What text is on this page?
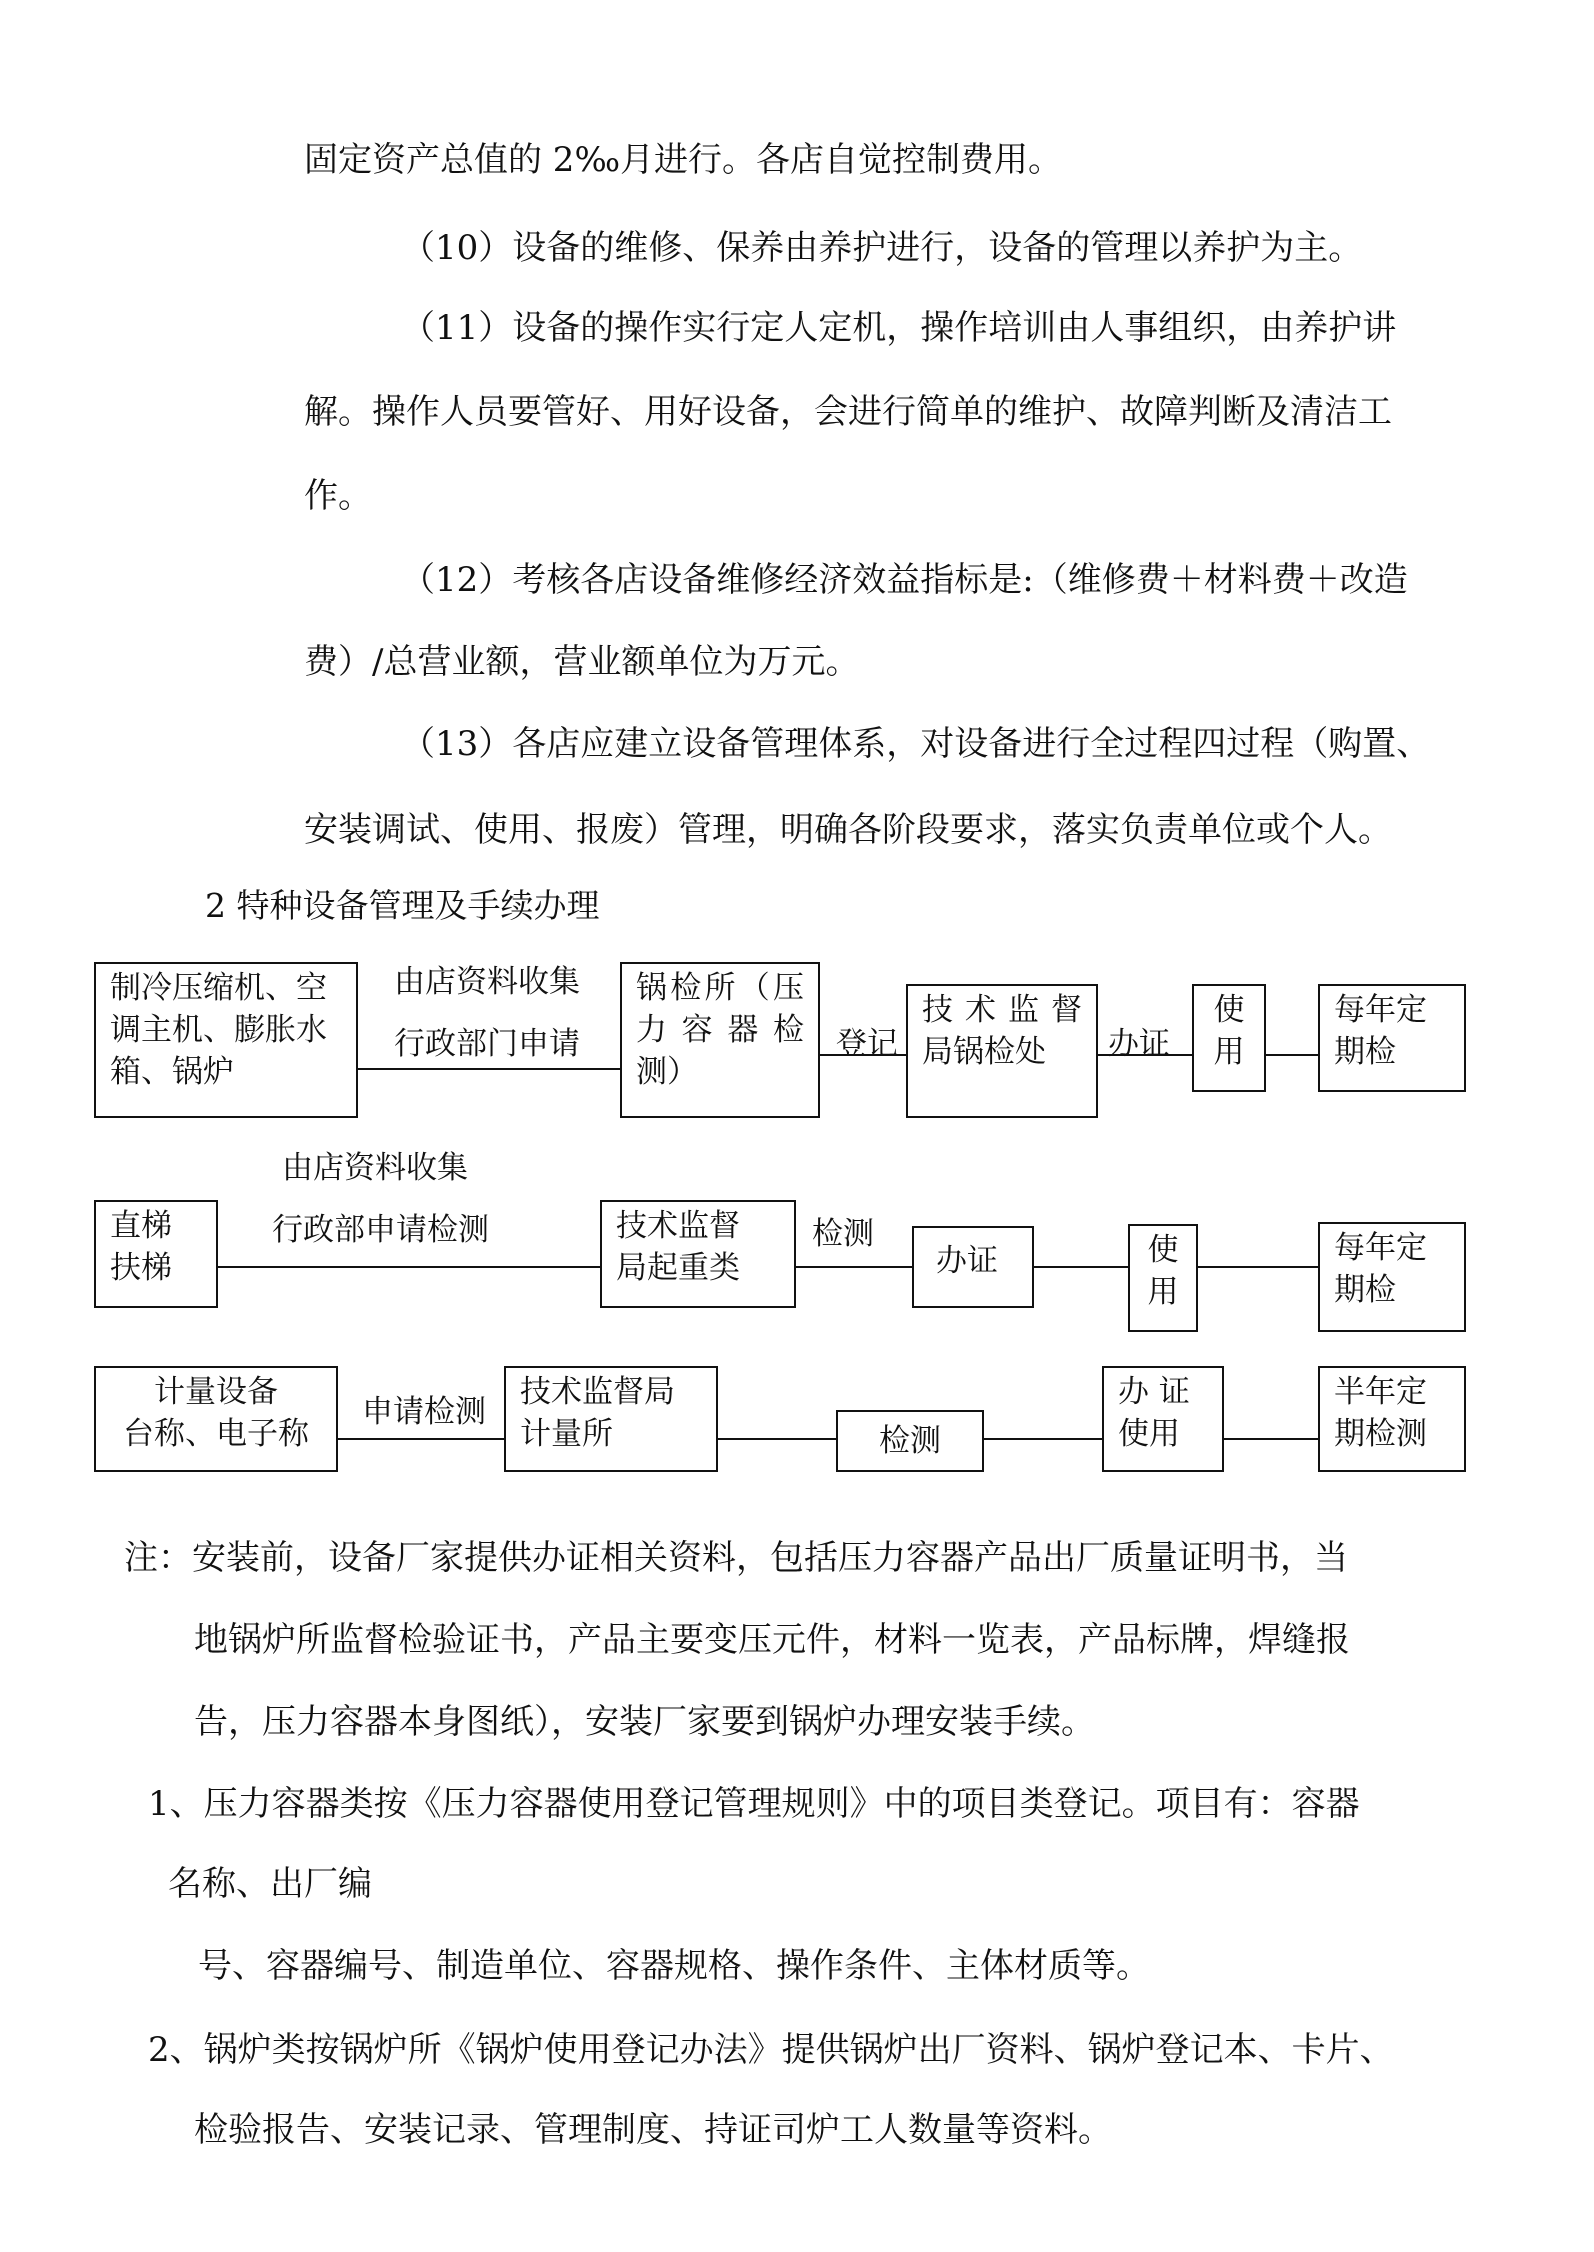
固定资产总值的 2‰月进行。各店自觉控制费用。
（10）设备的维修、保养由养护进行，设备的管理以养护为主。
（11）设备的操作实行定人定机，操作培训由人事组织，由养护讲
解。操作人员要管好、用好设备，会进行简单的维护、故障判断及清洁工
作。
（12）考核各店设备维修经济效益指标是:（维修费＋材料费＋改造
费）/总营业额，营业额单位为万元。
（13）各店应建立设备管理体系，对设备进行全过程四过程（购置、
安装调试、使用、报废）管理，明确各阶段要求，落实负责单位或个人。
2 特种设备管理及手续办理
制冷压缩机、空
调主机、膨胀水
箱、锅炉
由店资料收集
行政部门申请
锅检所（压
力 容 器 检
测）
登记
技 术 监 督
局锅检处	办证
使
用
每年定
期检
由店资料收集
行政部申请检测
直梯
扶梯
技术监督
局起重类
检测
办证	使
用
每年定
期检
计量设备
台称、电子称
申请检测
技术监督局
计量所	检测
办 证
使用
半年定
期检测
注：安装前，设备厂家提供办证相关资料，包括压力容器产品出厂质量证明书，当
地锅炉所监督检验证书，产品主要变压元件，材料一览表，产品标牌，焊缝报
告，压力容器本身图纸），安装厂家要到锅炉办理安装手续。
1、压力容器类按《压力容器使用登记管理规则》中的项目类登记。项目有：容器
名称、出厂编
号、容器编号、制造单位、容器规格、操作条件、主体材质等。
2、锅炉类按锅炉所《锅炉使用登记办法》提供锅炉出厂资料、锅炉登记本、卡片、
检验报告、安装记录、管理制度、持证司炉工人数量等资料。
